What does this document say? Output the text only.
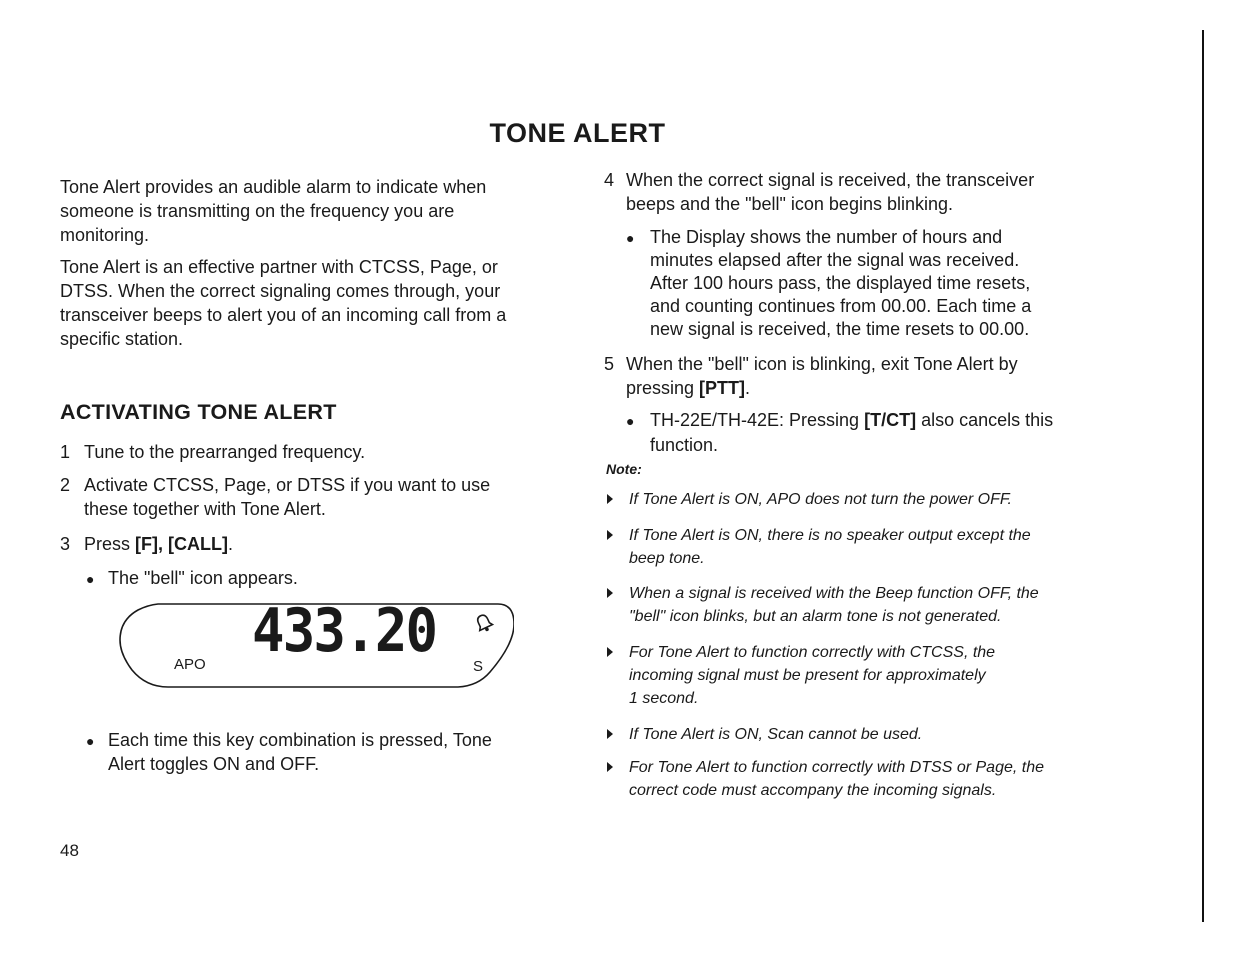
TONE ALERT
Tone Alert provides an audible alarm to indicate when
someone is transmitting on the frequency you are
monitoring.
Tone Alert is an effective partner with CTCSS, Page, or
DTSS. When the correct signaling comes through, your
transceiver beeps to alert you of an incoming call from a
specific station.
ACTIVATING TONE ALERT
1 Tune to the prearranged frequency.
2 Activate CTCSS, Page, or DTSS if you want to use
these together with Tone Alert.
3 Press [F], [CALL].
● The "bell" icon appears.
433.20
APO	S
● Each time this key combination is pressed, Tone
Alert toggles ON and OFF.
4 When the correct signal is received, the transceiver
beeps and the "bell" icon begins blinking.
● The Display shows the number of hours and
minutes elapsed after the signal was received.
After 100 hours pass, the displayed time resets,
and counting continues from 00.00. Each time a
new signal is received, the time resets to 00.00.
5 When the "bell" icon is blinking, exit Tone Alert by
pressing [PTT].
● TH-22E/TH-42E: Pressing [T/CT] also cancels this
function.
Note:
If Tone Alert is ON, APO does not turn the power OFF.
If Tone Alert is ON, there is no speaker output except the
beep tone.
When a signal is received with the Beep function OFF, the
"bell" icon blinks, but an alarm tone is not generated.
For Tone Alert to function correctly with CTCSS, the
incoming signal must be present for approximately
1 second.
If Tone Alert is ON, Scan cannot be used.
For Tone Alert to function correctly with DTSS or Page, the
correct code must accompany the incoming signals.
48
